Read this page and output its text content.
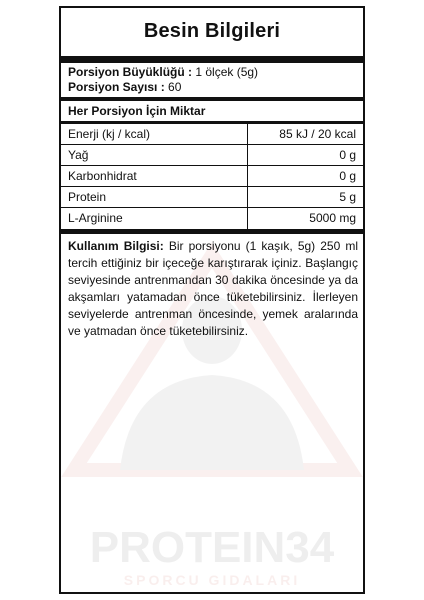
PROTEIN34
SPORCU GIDALARI
Besin Bilgileri
Porsiyon Büyüklüğü : 1 ölçek (5g)
Porsiyon Sayısı : 60
Her Porsiyon İçin Miktar
Enerji (kj / kcal)	85 kJ / 20 kcal
Yağ	0 g
Karbonhidrat	0 g
Protein	5 g
L-Arginine	5000 mg
Kullanım Bilgisi: Bir porsiyonu (1 kaşık, 5g) 250 ml tercih ettiğiniz bir içeceğe karıştırarak içiniz. Başlangıç seviyesinde antrenmandan 30 dakika öncesinde ya da akşamları yatamadan önce tüketebilirsiniz. İlerleyen seviyelerde antrenman öncesinde, yemek aralarında ve yatmadan önce tüketebilirsiniz.
